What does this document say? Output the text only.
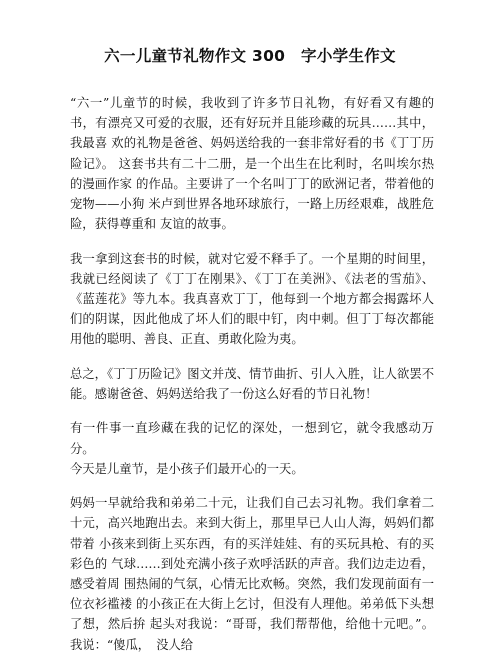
六一儿童节礼物作文 300　字小学生作文

“六一”儿童节的时候，我收到了许多节日礼物，有好看又有趣的书，有漂亮又可爱的衣服，还有好玩并且能珍藏的玩具……其中，我最喜 欢的礼物是爸爸、妈妈送给我的一套非常好看的书《丁丁历险记》。 这套书共有二十二册，是一个出生在比利时，名叫埃尔热的漫画作家 的作品。主要讲了一个名叫丁丁的欧洲记者，带着他的宠物——小狗 米卢到世界各地环球旅行，一路上历经艰难，战胜危险，获得尊重和 友谊的故事。

我一拿到这套书的时候，就对它爱不释手了。一个星期的时间里，我就已经阅读了《丁丁在刚果》、《丁丁在美洲》、《法老的雪茄》、《蓝莲花》等九本。我真喜欢丁丁，他每到一个地方都会揭露坏人们的阴谋，因此他成了坏人们的眼中钉，肉中刺。但丁丁每次都能用他的聪明、善良、正直、勇敢化险为夷。

总之，《丁丁历险记》图文并茂、情节曲折、引人入胜，让人欲罢不能。感谢爸爸、妈妈送给我了一份这么好看的节日礼物！

有一件事一直珍藏在我的记忆的深处，一想到它，就令我感动万分。

今天是儿童节，是小孩子们最开心的一天。

妈妈一早就给我和弟弟二十元，让我们自己去习礼物。我们拿着二十元，高兴地跑出去。来到大街上，那里早已人山人海，妈妈们都带着 小孩来到街上买东西，有的买洋娃娃、有的买玩具枪、有的买彩色的 气球……到处充满小孩子欢呼活跃的声音。我们边走边看，感受着周 围热闹的气氛，心情无比欢畅。突然，我们发现前面有一位衣衫褴褛 的小孩正在大街上乞讨，但没有人理他。弟弟低下头想了想，然后拚 起头对我说：“哥哥，我们帮帮他，给他十元吧。”。我说：“傻瓜，　没人给
